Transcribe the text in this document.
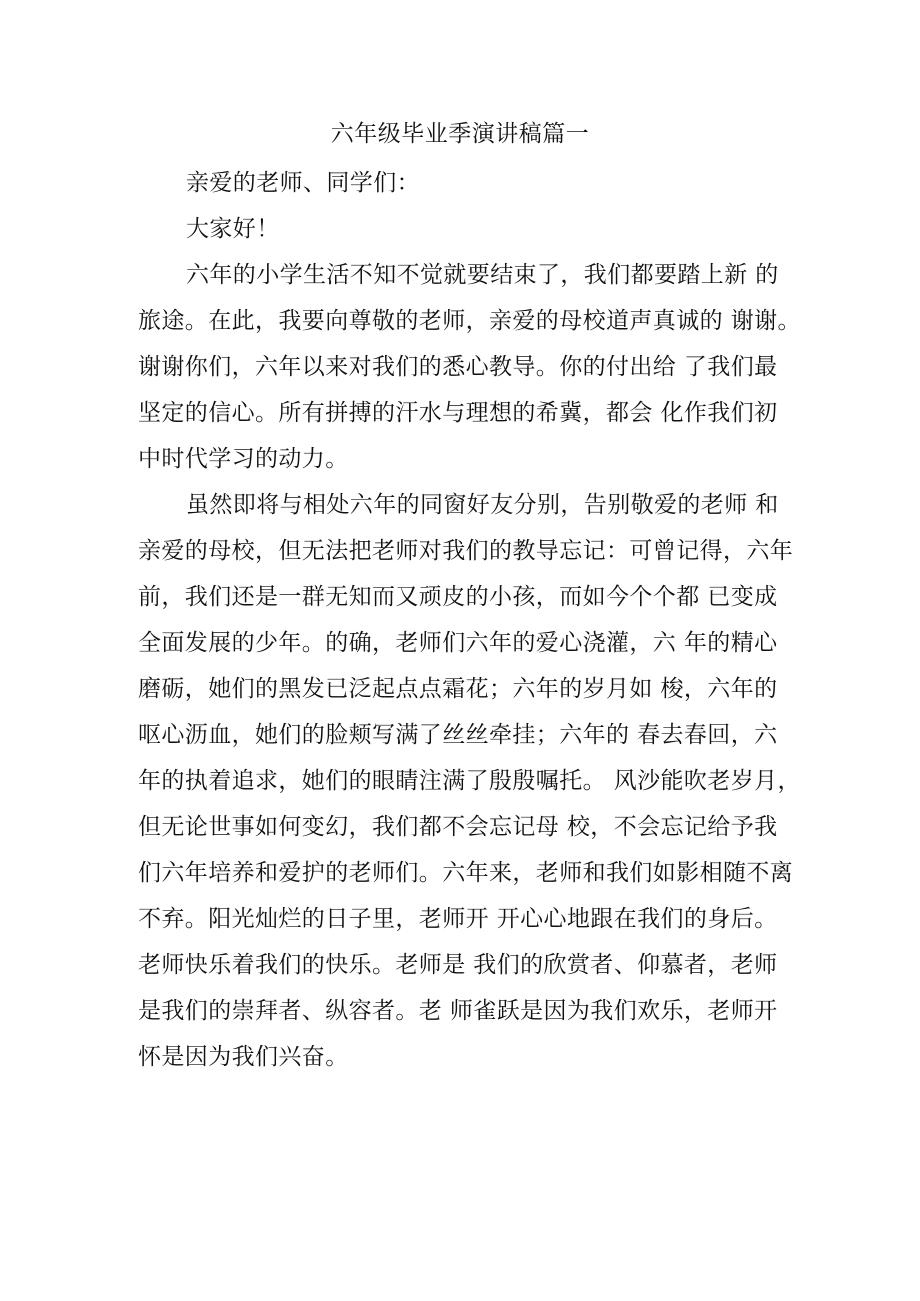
六年级毕业季演讲稿篇一
亲爱的老师、同学们：
大家好！
六年的小学生活不知不觉就要结束了，我们都要踏上新 的
旅途。在此，我要向尊敬的老师，亲爱的母校道声真诚的 谢谢。
谢谢你们，六年以来对我们的悉心教导。你的付出给 了我们最
坚定的信心。所有拼搏的汗水与理想的希冀，都会 化作我们初
中时代学习的动力。
虽然即将与相处六年的同窗好友分别，告别敬爱的老师 和
亲爱的母校，但无法把老师对我们的教导忘记：可曾记得，六年
前，我们还是一群无知而又顽皮的小孩，而如今个个都 已变成
全面发展的少年。的确，老师们六年的爱心浇灌，六 年的精心
磨砺，她们的黑发已泛起点点霜花；六年的岁月如 梭，六年的
呕心沥血，她们的脸颊写满了丝丝牵挂；六年的 春去春回，六
年的执着追求，她们的眼睛注满了殷殷嘱托。 风沙能吹老岁月，
但无论世事如何变幻，我们都不会忘记母 校，不会忘记给予我
们六年培养和爱护的老师们。六年来，老师和我们如影相随不离
不弃。阳光灿烂的日子里，老师开 开心心地跟在我们的身后。
老师快乐着我们的快乐。老师是 我们的欣赏者、仰慕者，老师
是我们的崇拜者、纵容者。老 师雀跃是因为我们欢乐，老师开
怀是因为我们兴奋。
